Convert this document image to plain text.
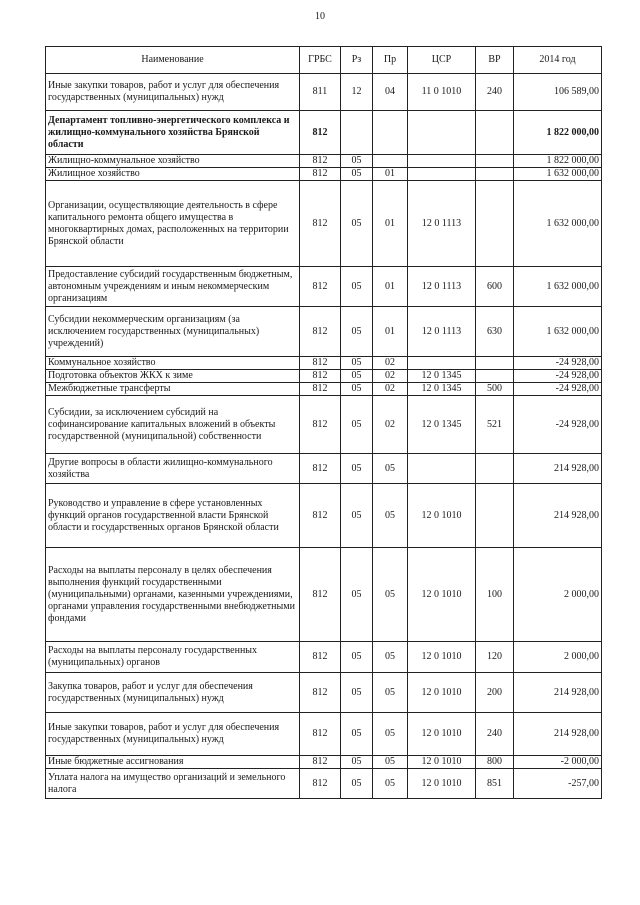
10
Наименование	ГРБС	Рз	Пр	ЦСР	ВР	2014 год
Иные закупки товаров, работ и услуг для обеспечения государственных (муниципальных) нужд	811	12	04	11 0 1010	240	106 589,00
Департамент топливно-энергетического комплекса и жилищно-коммунального хозяйства Брянской области	812					1 822 000,00
Жилищно-коммунальное хозяйство	812	05				1 822 000,00
Жилищное хозяйство	812	05	01			1 632 000,00
Организации, осуществляющие деятельность в сфере капитального ремонта общего имущества в многоквартирных домах, расположенных на территории Брянской области	812	05	01	12 0 1113		1 632 000,00
Предоставление субсидий государственным бюджетным, автономным учреждениям и иным некоммерческим организациям	812	05	01	12 0 1113	600	1 632 000,00
Субсидии некоммерческим организациям (за исключением государственных (муниципальных) учреждений)	812	05	01	12 0 1113	630	1 632 000,00
Коммунальное хозяйство	812	05	02			-24 928,00
Подготовка объектов ЖКХ к зиме	812	05	02	12 0 1345		-24 928,00
Межбюджетные трансферты	812	05	02	12 0 1345	500	-24 928,00
Субсидии, за исключением субсидий на софинансирование капитальных вложений в объекты государственной (муниципальной) собственности	812	05	02	12 0 1345	521	-24 928,00
Другие вопросы в области жилищно-коммунального хозяйства	812	05	05			214 928,00
Руководство и управление в сфере установленных функций органов государственной власти Брянской области и государственных органов Брянской области	812	05	05	12 0 1010		214 928,00
Расходы на выплаты персоналу в целях обеспечения выполнения функций государственными (муниципальными) органами, казенными учреждениями, органами управления государственными внебюджетными фондами	812	05	05	12 0 1010	100	2 000,00
Расходы на выплаты персоналу государственных (муниципальных) органов	812	05	05	12 0 1010	120	2 000,00
Закупка товаров, работ и услуг для обеспечения государственных (муниципальных) нужд	812	05	05	12 0 1010	200	214 928,00
Иные закупки товаров, работ и услуг для обеспечения государственных (муниципальных) нужд	812	05	05	12 0 1010	240	214 928,00
Иные бюджетные ассигнования	812	05	05	12 0 1010	800	-2 000,00
Уплата налога на имущество организаций и земельного налога	812	05	05	12 0 1010	851	-257,00
